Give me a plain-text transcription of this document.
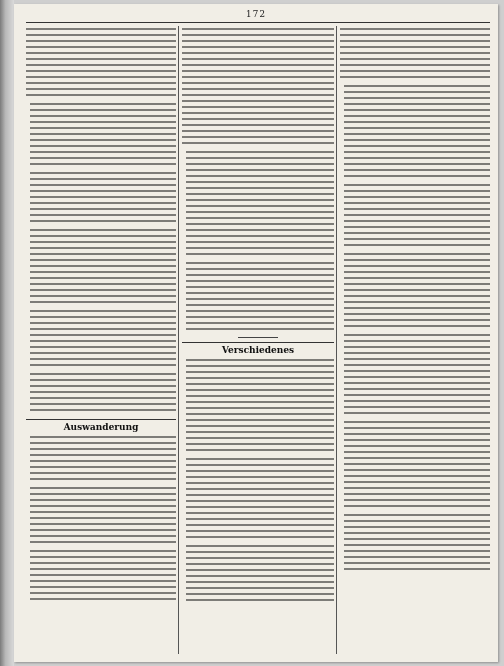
172

Auswanderung

Verschiedenes
